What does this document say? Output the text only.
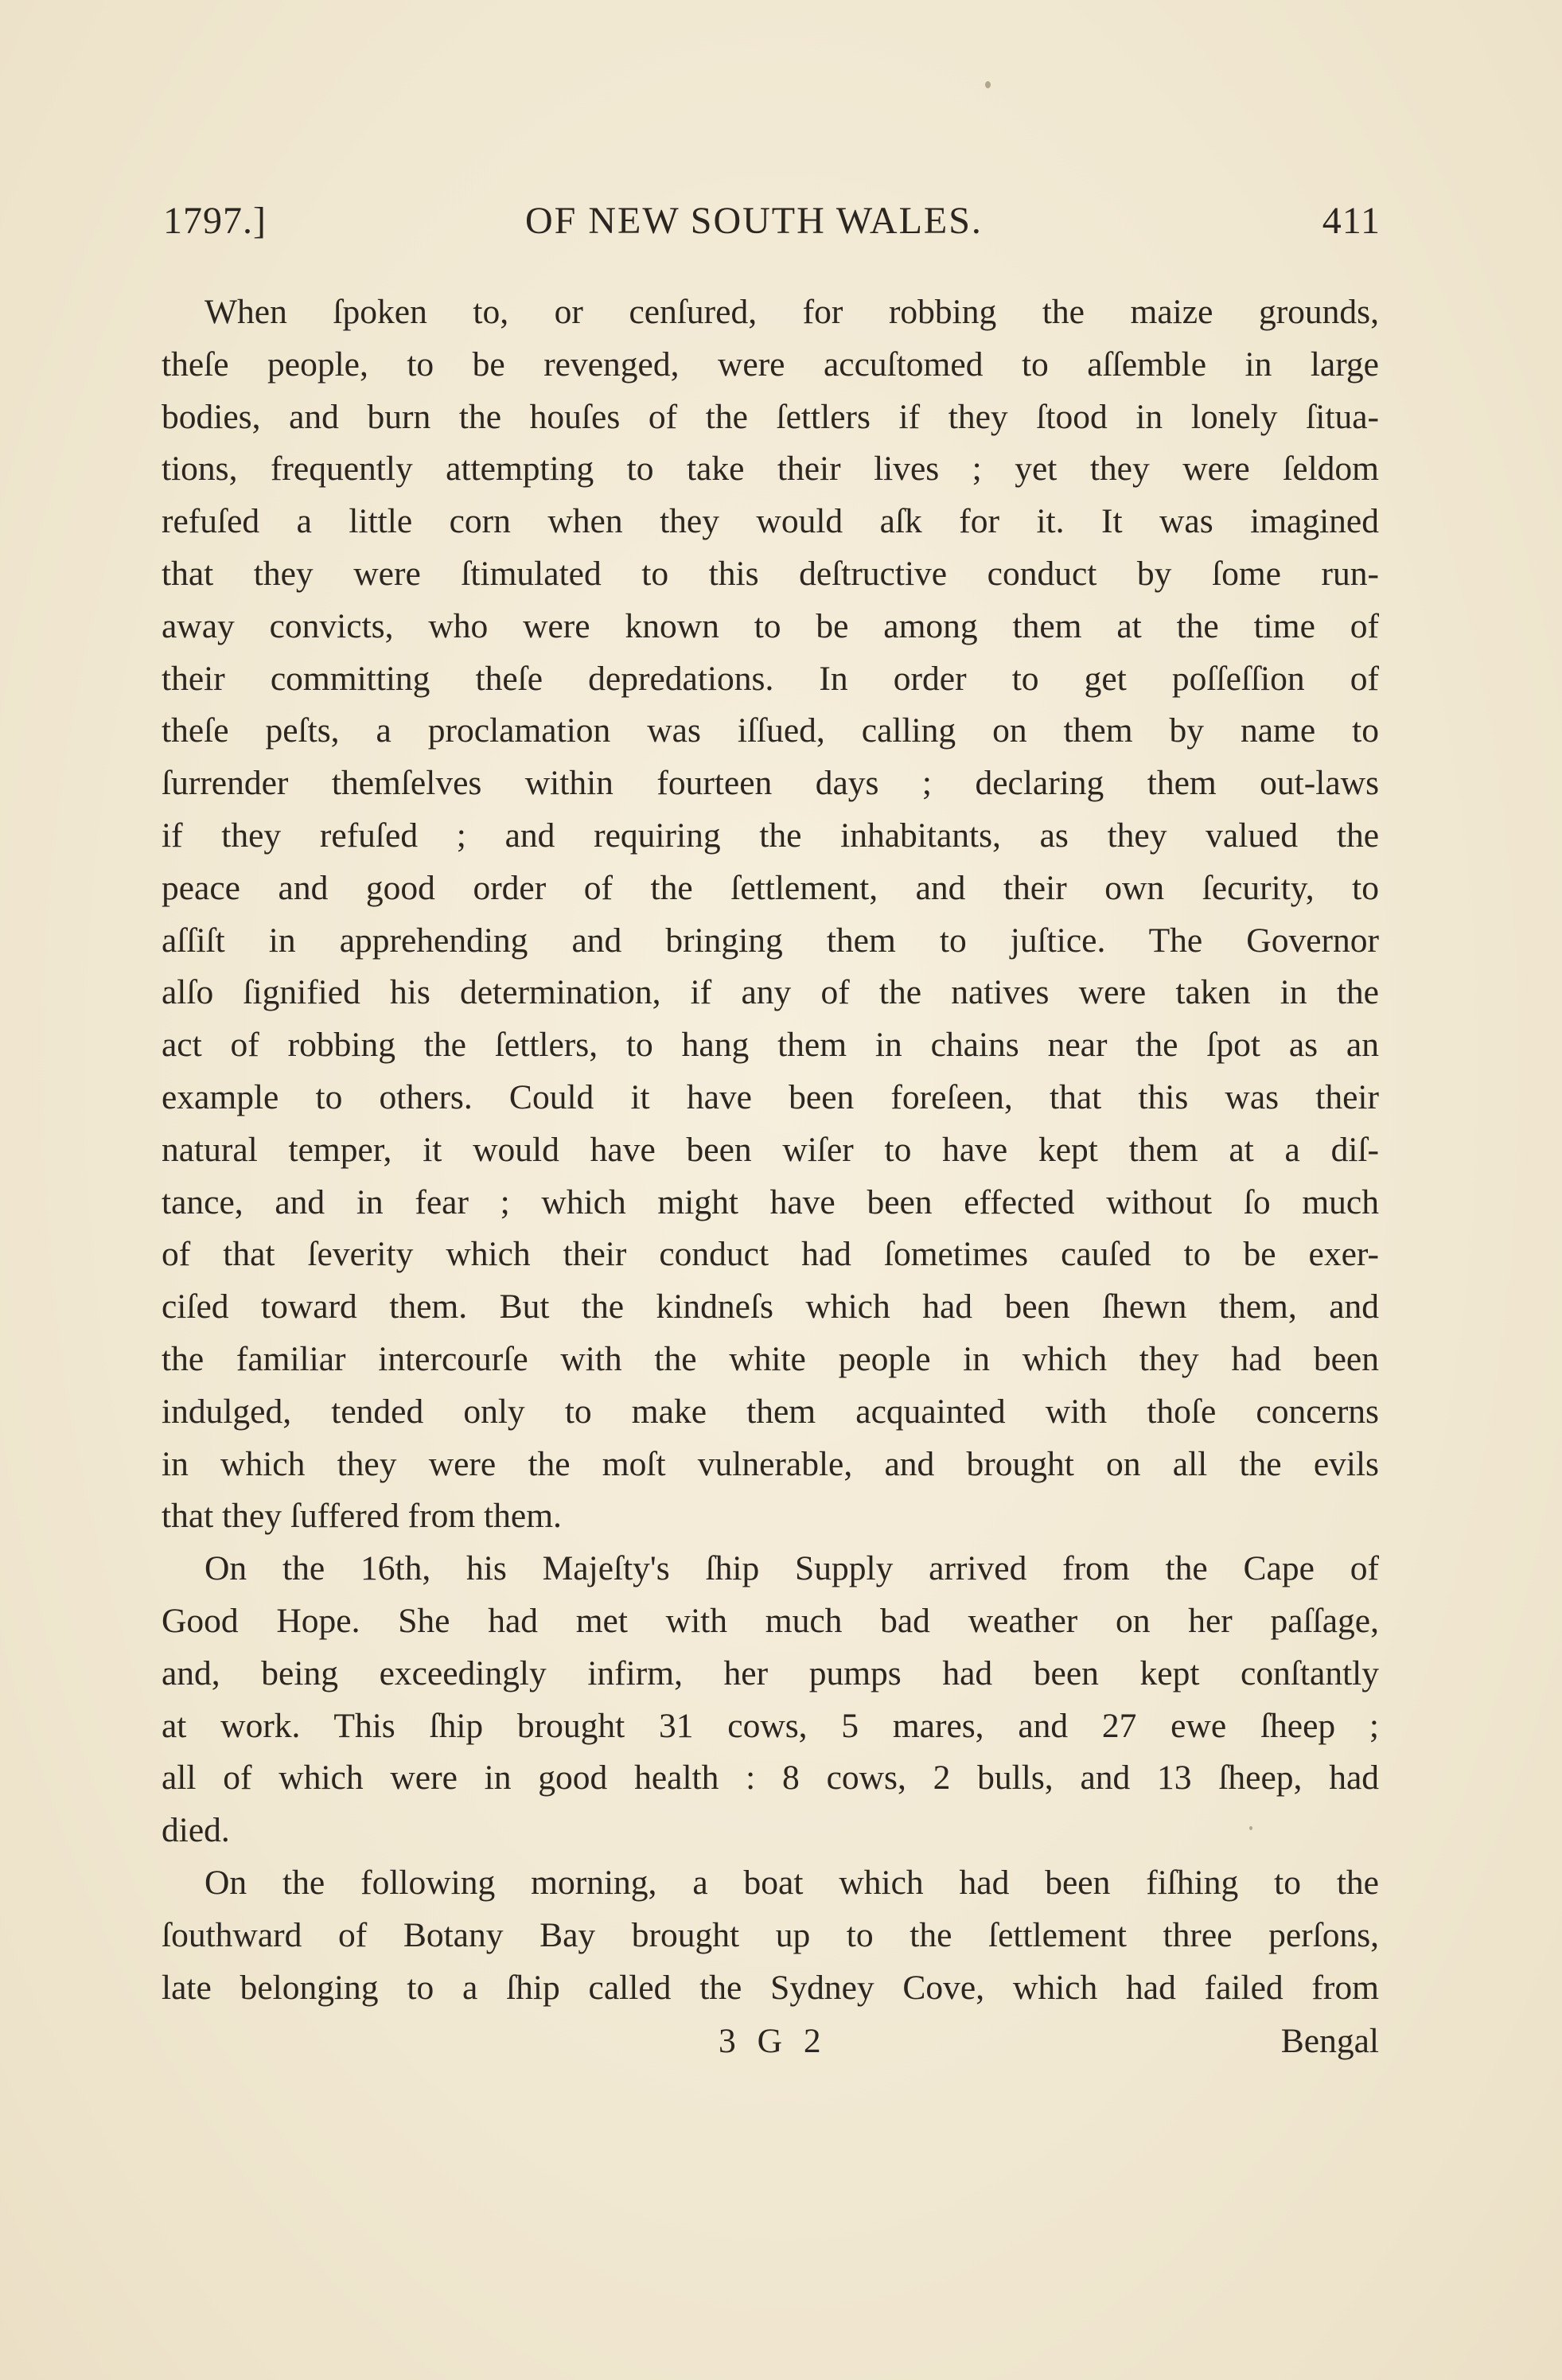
1797.]	OF NEW SOUTH WALES.	411
When ſpoken to, or cenſured, for robbing the maize grounds,
theſe people, to be revenged, were accuſtomed to aſſemble in large
bodies, and burn the houſes of the ſettlers if they ſtood in lonely ſitua-
tions, frequently attempting to take their lives ; yet they were ſeldom
refuſed a little corn when they would aſk for it. It was imagined
that they were ſtimulated to this deſtructive conduct by ſome run-
away convicts, who were known to be among them at the time of
their committing theſe depredations. In order to get poſſeſſion of
theſe peſts, a proclamation was iſſued, calling on them by name to
ſurrender themſelves within fourteen days ; declaring them out-laws
if they refuſed ; and requiring the inhabitants, as they valued the
peace and good order of the ſettlement, and their own ſecurity, to
aſſiſt in apprehending and bringing them to juſtice. The Governor
alſo ſignified his determination, if any of the natives were taken in the
act of robbing the ſettlers, to hang them in chains near the ſpot as an
example to others. Could it have been foreſeen, that this was their
natural temper, it would have been wiſer to have kept them at a diſ-
tance, and in fear ; which might have been effected without ſo much
of that ſeverity which their conduct had ſometimes cauſed to be exer-
ciſed toward them. But the kindneſs which had been ſhewn them, and
the familiar intercourſe with the white people in which they had been
indulged, tended only to make them acquainted with thoſe concerns
in which they were the moſt vulnerable, and brought on all the evils
that they ſuffered from them.
On the 16th, his Majeſty's ſhip Supply arrived from the Cape of
Good Hope. She had met with much bad weather on her paſſage,
and, being exceedingly infirm, her pumps had been kept conſtantly
at work. This ſhip brought 31 cows, 5 mares, and 27 ewe ſheep ;
all of which were in good health : 8 cows, 2 bulls, and 13 ſheep, had
died.
On the following morning, a boat which had been fiſhing to the
ſouthward of Botany Bay brought up to the ſettlement three perſons,
late belonging to a ſhip called the Sydney Cove, which had failed from
3 G 2	Bengal
